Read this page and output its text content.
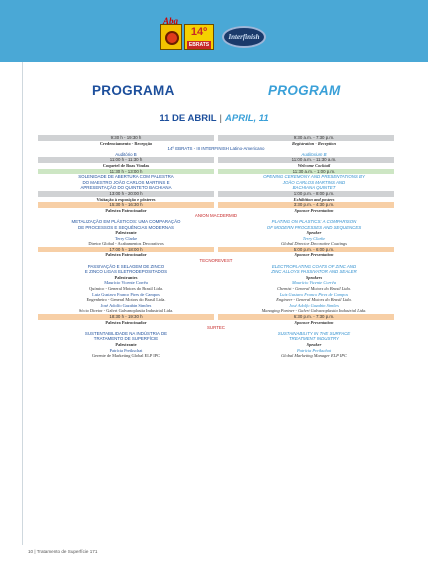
Aba
14º
EBRATS
Interfinish
PROGRAMA	PROGRAM
11 DE ABRIL | APRIL, 11
9:30 h - 19:30 h	9:30 a.m. - 7:30 p.m.
Credenciamento - Recepção	Registration - Reception
14º EBRATS - III INTERFINISH Latino-Americano
Auditório B	Auditorium B
11:00 h - 11:30 h	11:00 a.m. - 11:30 a.m.
Coquetel de Boas Vindas	Welcome Cocktail
11:30 h - 13:00 h	11:30 a.m. - 1:00 p.m.
SOLENIDADE DE ABERTURA COM PALESTRA	OPENING CEREMONY AND PRESENTATIONS BY
DO MAESTRO JOÃO CARLOS MARTINS E	JOÃO CARLOS MARTINS AND
APRESENTAÇÃO DO QUINTETO BACHIANA	BACHIANA QUINTET
13:00 h - 20:00 h	1:00 p.m. - 8:00 p.m.
Visitação à exposição e pôsteres	Exhibition and posters
15:30 h - 16:30 h	3:30 p.m. - 4:30 p.m.
Palestra Patrocinador	Sponsor Presentation
ANION MACDERMID
METALIZAÇÃO EM PLÁSTICOS: UMA COMPARAÇÃO	PLATING ON PLASTICS: A COMPARISON
DE PROCESSOS E SEQUÊNCIAS MODERNAS	OF MODERN PROCESSES AND SEQUENCES
Palestrante	Speaker
Terry Clarke	Terry Clarke
Diretor Global - Acabamentos Decorativos	Global Director Decorative Coatings
17:00 h - 18:00 h	5:00 p.m. - 6:00 p.m.
Palestra Patrocinador	Sponsor Presentation
TECNOREVEST
PASSIVAÇÃO E SELAGEM DE ZINCO	ELECTROPLATING COATS OF ZINC AND
E ZINCO LIGAS ELETRODEPOSITADOS	ZINC ALLOYS PASSIVATOR AND SEALER
Palestrantes	Speakers
Maurício Vicente Corrêa	Maurício Vicente Corrêa
Químico - General Motors do Brasil Ltda.	Chemist - General Motors do Brasil Ltda.
Luiz Gustavo Franco Pires de Campos	Luiz Gustavo Franco Pires de Campos
Engenheiro - General Motors do Brasil Ltda.	Engineer - General Motors do Brasil Ltda.
José Adolfo Gazabin Simões	José Adolfo Gazabin Simões
Sócio Diretor - Galvri Galvanoplastia Industrial Ltda.	Managing Partner - Galvri Galvanoplastia Industrial Ltda.
18:30 h - 19:30 h	6:30 p.m. - 7:30 p.m.
Palestra Patrocinador	Sponsor Presentation
SURTEC
SUSTENTABILIDADE NA INDÚSTRIA DE	SUSTAINABILITY IN THE SURFACE
TRATAMENTO DE SUPERFÍCIE	TREATMENT INDUSTRY
Palestrante	Speaker
Patrícia Preikschat	Patrícia Preikschat
Gerente de Marketing Global ELP IPC	Global Marketing Manager ELP IPC
10 | Tratamento de Superfície 171
